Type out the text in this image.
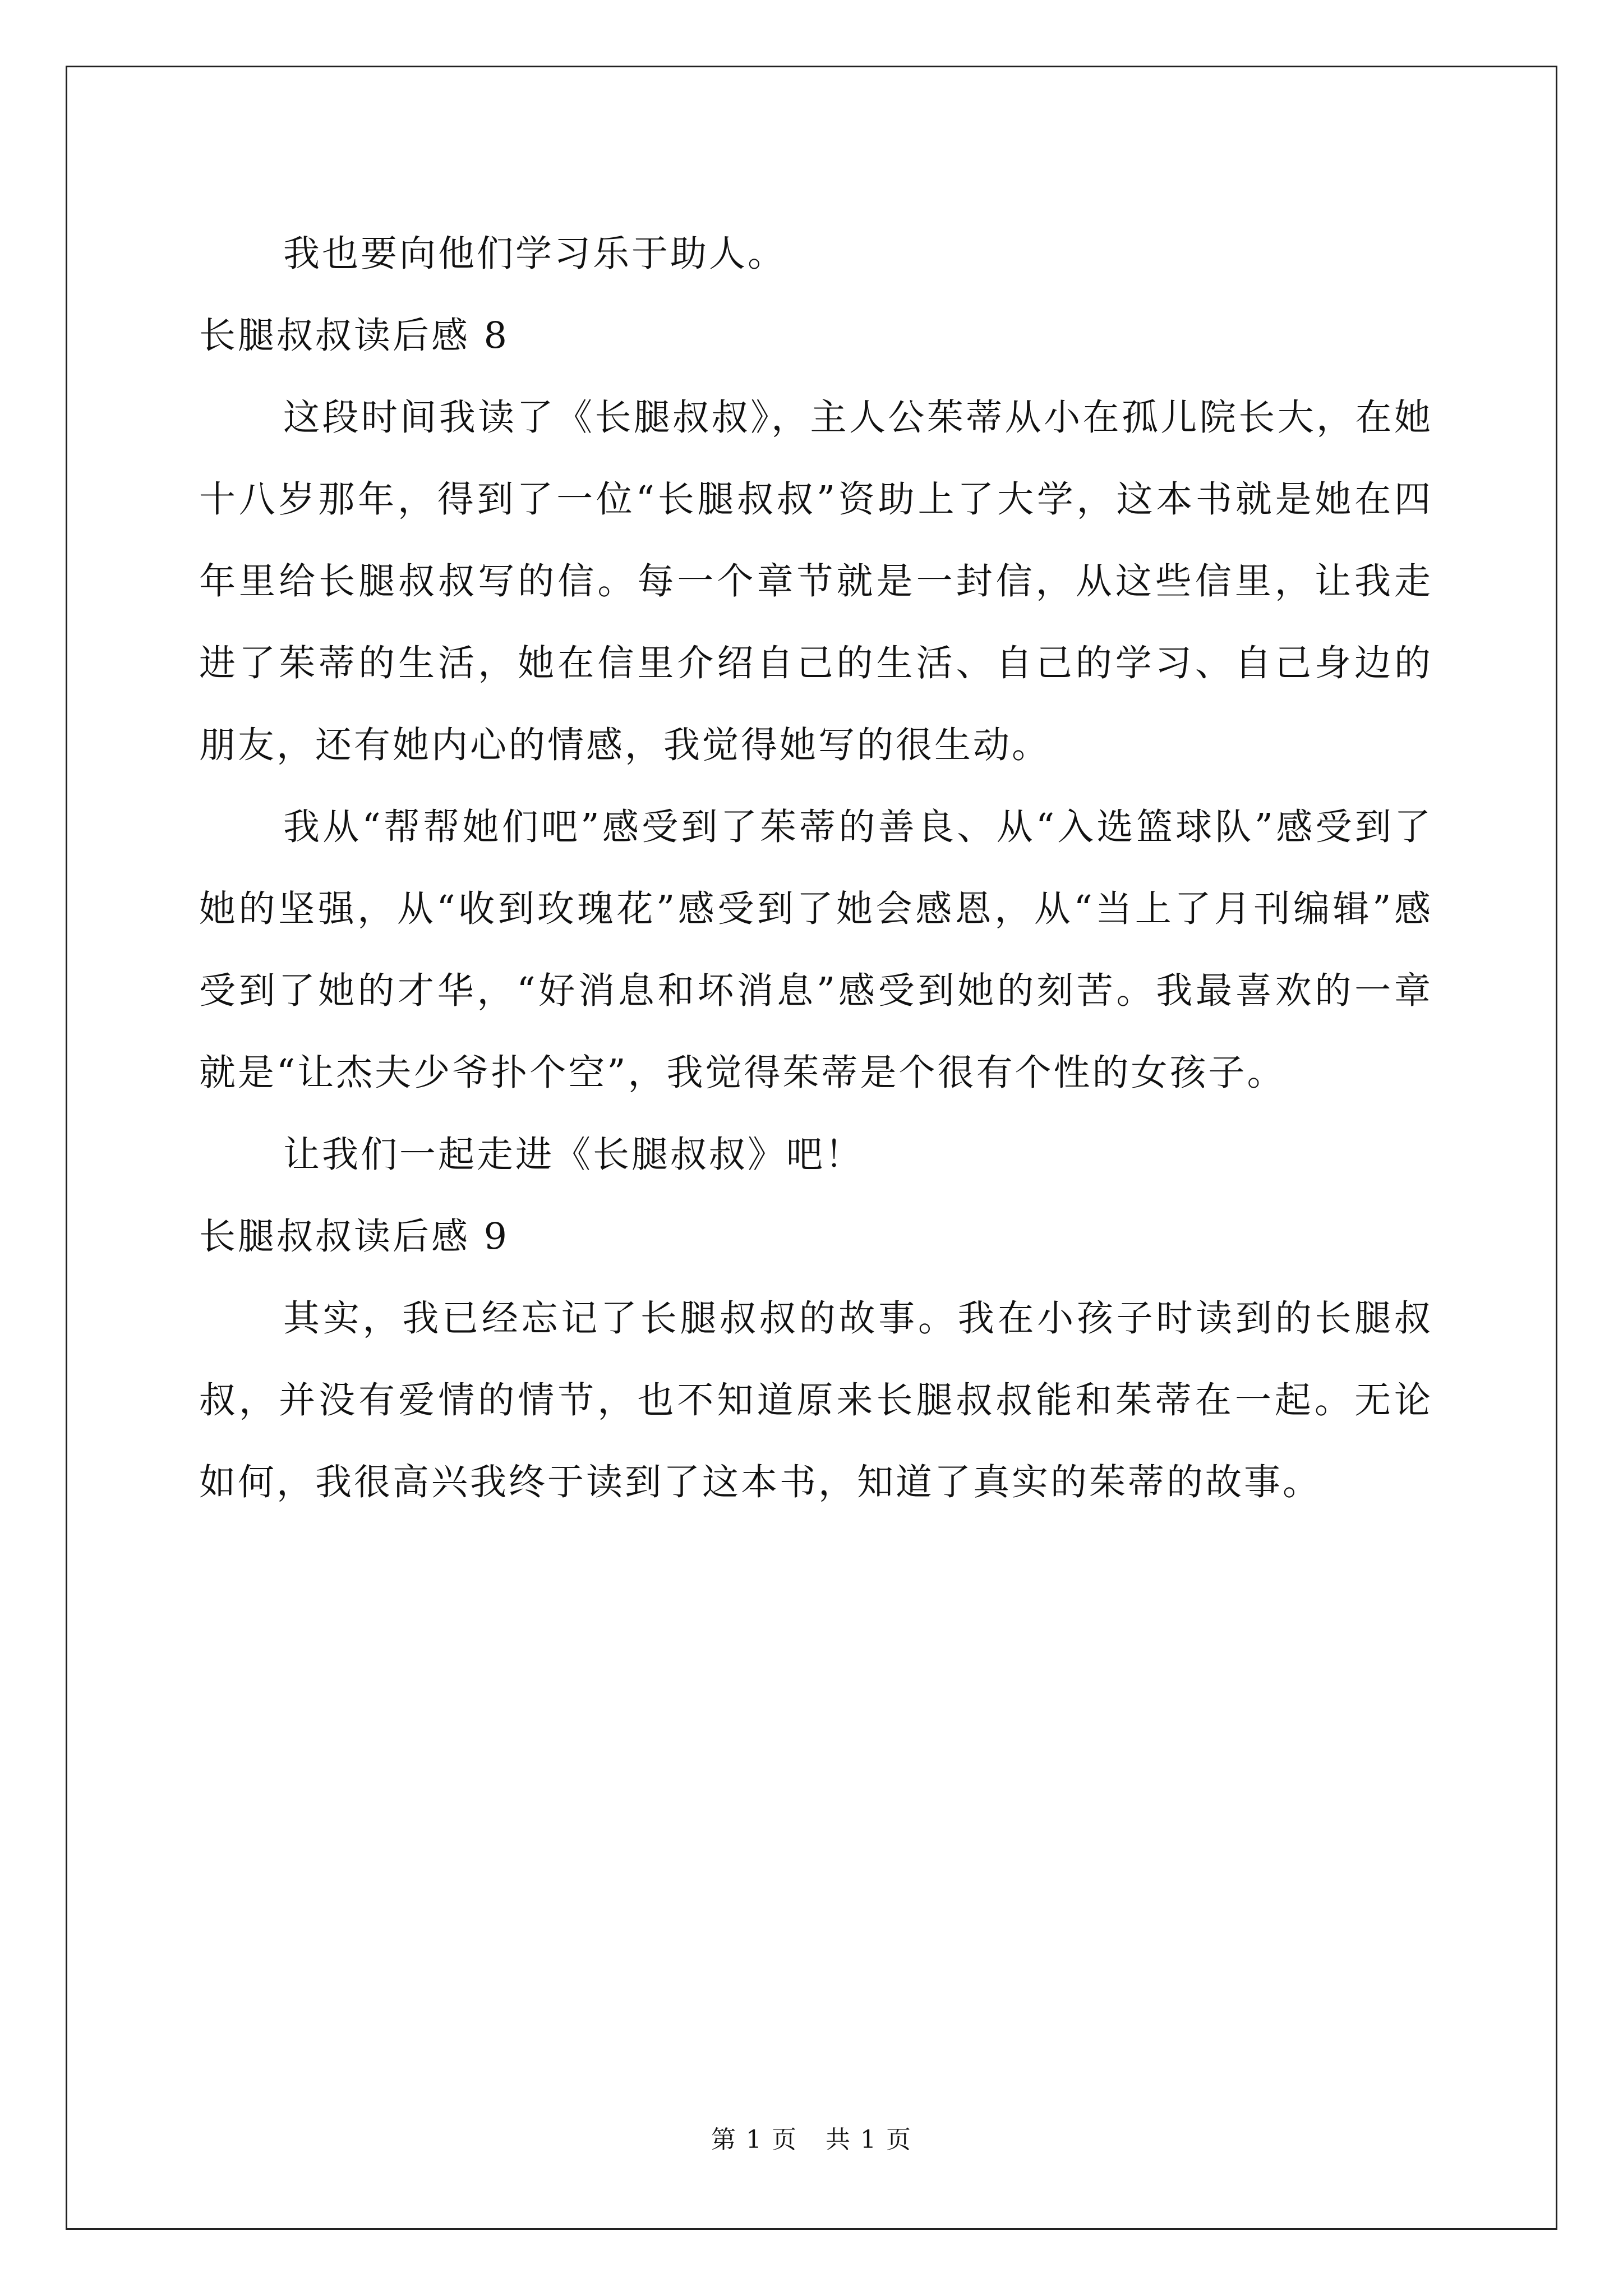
我也要向他们学习乐于助人。

长腿叔叔读后感 8

这段时间我读了《长腿叔叔》，主人公茱蒂从小在孤儿院长大，在她十八岁那年，得到了一位“长腿叔叔”资助上了大学，这本书就是她在四年里给长腿叔叔写的信。每一个章节就是一封信，从这些信里，让我走进了茱蒂的生活，她在信里介绍自己的生活、自己的学习、自己身边的朋友，还有她内心的情感，我觉得她写的很生动。

我从“帮帮她们吧”感受到了茱蒂的善良、从“入选篮球队”感受到了她的坚强，从“收到玫瑰花”感受到了她会感恩，从“当上了月刊编辑”感受到了她的才华，“好消息和坏消息”感受到她的刻苦。我最喜欢的一章就是“让杰夫少爷扑个空”，我觉得茱蒂是个很有个性的女孩子。

让我们一起走进《长腿叔叔》吧！

长腿叔叔读后感 9

其实，我已经忘记了长腿叔叔的故事。我在小孩子时读到的长腿叔叔，并没有爱情的情节，也不知道原来长腿叔叔能和茱蒂在一起。无论如何，我很高兴我终于读到了这本书，知道了真实的茱蒂的故事。

第 1 页 共 1 页
